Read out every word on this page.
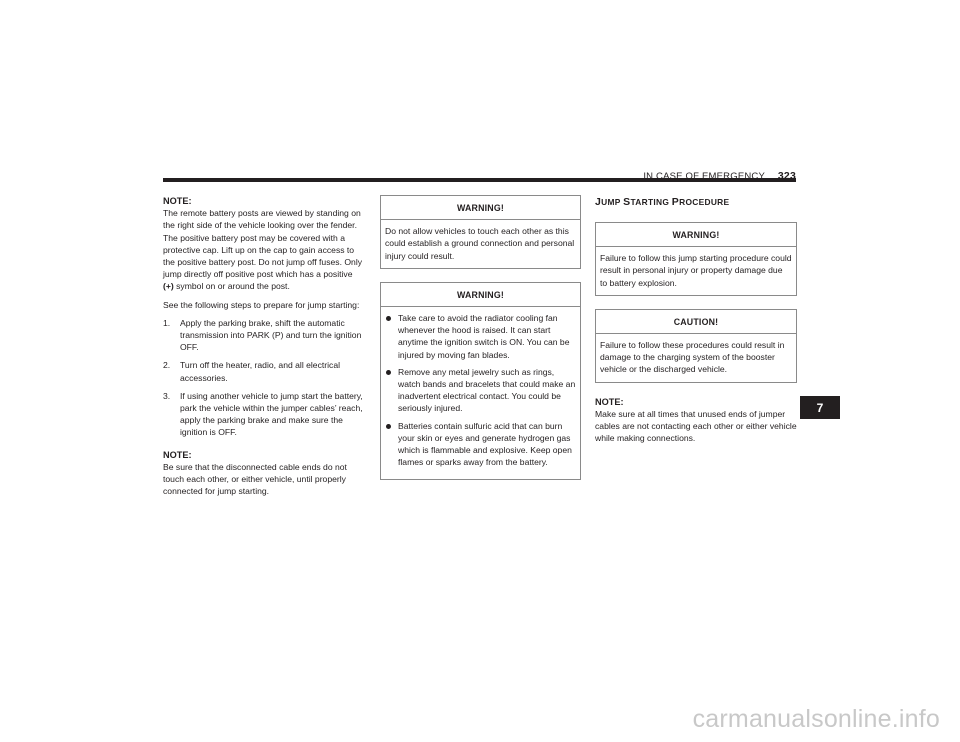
IN CASE OF EMERGENCY 323
NOTE:

The remote battery posts are viewed by standing on the right side of the vehicle looking over the fender. The positive battery post may be covered with a protective cap. Lift up on the cap to gain access to the positive battery post. Do not jump off fuses. Only jump directly off positive post which has a positive (+) symbol on or around the post.

See the following steps to prepare for jump starting:

1. Apply the parking brake, shift the automatic transmission into PARK (P) and turn the ignition OFF.
2. Turn off the heater, radio, and all electrical accessories.
3. If using another vehicle to jump start the battery, park the vehicle within the jumper cables’ reach, apply the parking brake and make sure the ignition is OFF.
NOTE:

Be sure that the disconnected cable ends do not touch each other, or either vehicle, until properly connected for jump starting.

WARNING!
Do not allow vehicles to touch each other as this could establish a ground connection and personal injury could result.
WARNING!
Take care to avoid the radiator cooling fan whenever the hood is raised. It can start anytime the ignition switch is ON. You can be injured by moving fan blades.
Remove any metal jewelry such as rings, watch bands and bracelets that could make an inadvertent electrical contact. You could be seriously injured.
Batteries contain sulfuric acid that can burn your skin or eyes and generate hydrogen gas which is flammable and explosive. Keep open flames or sparks away from the battery.
JUMP STARTING PROCEDURE
WARNING!
Failure to follow this jump starting procedure could result in personal injury or property damage due to battery explosion.
CAUTION!
Failure to follow these procedures could result in damage to the charging system of the booster vehicle or the discharged vehicle.
NOTE:

Make sure at all times that unused ends of jumper cables are not contacting each other or either vehicle while making connections.

7
carmanualsonline.info
